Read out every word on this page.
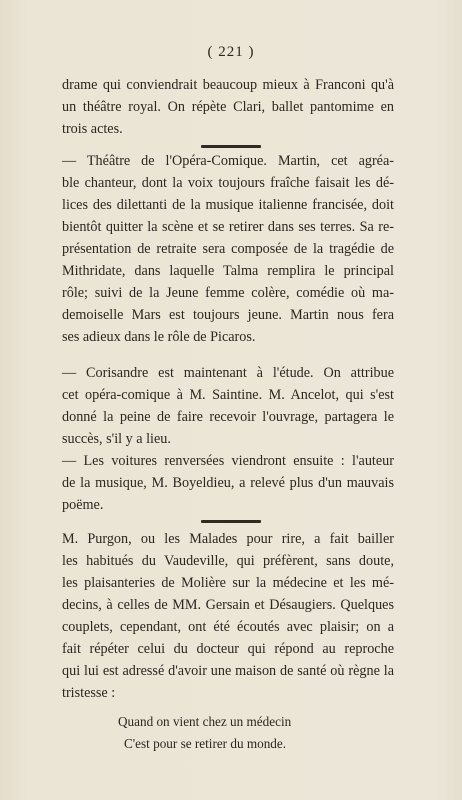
( 221 )
drame qui conviendrait beaucoup mieux à Franconi qu'à
un théâtre royal. On répète Clari, ballet pantomime en
trois actes.
— Théâtre de l'Opéra-Comique. Martin, cet agréa-
ble chanteur, dont la voix toujours fraîche faisait les dé-
lices des dilettanti de la musique italienne francisée, doit
bientôt quitter la scène et se retirer dans ses terres. Sa re-
présentation de retraite sera composée de la tragédie de
Mithridate, dans laquelle Talma remplira le principal
rôle; suivi de la Jeune femme colère, comédie où ma-
demoiselle Mars est toujours jeune. Martin nous fera
ses adieux dans le rôle de Picaros.
— Corisandre est maintenant à l'étude. On attribue
cet opéra-comique à M. Saintine. M. Ancelot, qui s'est
donné la peine de faire recevoir l'ouvrage, partagera le
succès, s'il y a lieu.
— Les voitures renversées viendront ensuite : l'auteur
de la musique, M. Boyeldieu, a relevé plus d'un mauvais
poëme.
M. Purgon, ou les Malades pour rire, a fait bailler
les habitués du Vaudeville, qui préfèrent, sans doute,
les plaisanteries de Molière sur la médecine et les mé-
decins, à celles de MM. Gersain et Désaugiers. Quelques
couplets, cependant, ont été écoutés avec plaisir; on a
fait répéter celui du docteur qui répond au reproche
qui lui est adressé d'avoir une maison de santé où règne la
tristesse :
Quand on vient chez un médecin
C'est pour se retirer du monde.
